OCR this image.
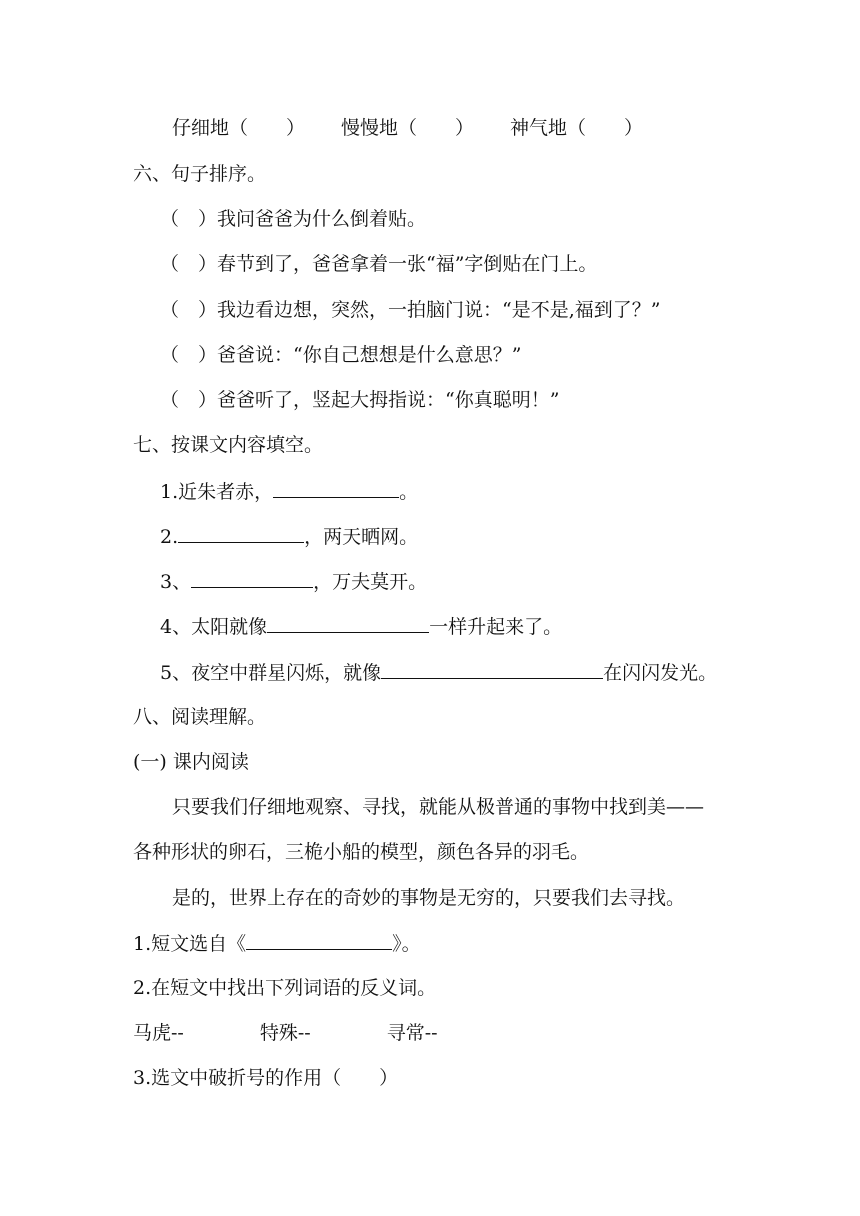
仔细地（　　） 慢慢地（　　） 神气地（　　）
六、句子排序。
（　）我问爸爸为什么倒着贴。
（　）春节到了，爸爸拿着一张“福”字倒贴在门上。
（　）我边看边想，突然，一拍脑门说：“是不是,福到了？”
（　）爸爸说：“你自己想想是什么意思？”
（　）爸爸听了，竖起大拇指说：“你真聪明！”
七、按课文内容填空。
1.近朱者赤，	。
2.	，两天晒网。
3、	，万夫莫开。
4、太阳就像	一样升起来了。
5、夜空中群星闪烁，就像	在闪闪发光。
八、阅读理解。
(一) 课内阅读
只要我们仔细地观察、寻找，就能从极普通的事物中找到美——
各种形状的卵石，三桅小船的模型，颜色各异的羽毛。
是的，世界上存在的奇妙的事物是无穷的，只要我们去寻找。
1.短文选自《	》。
2.在短文中找出下列词语的反义词。
马虎--	特殊--	寻常--
3.选文中破折号的作用（　　）
